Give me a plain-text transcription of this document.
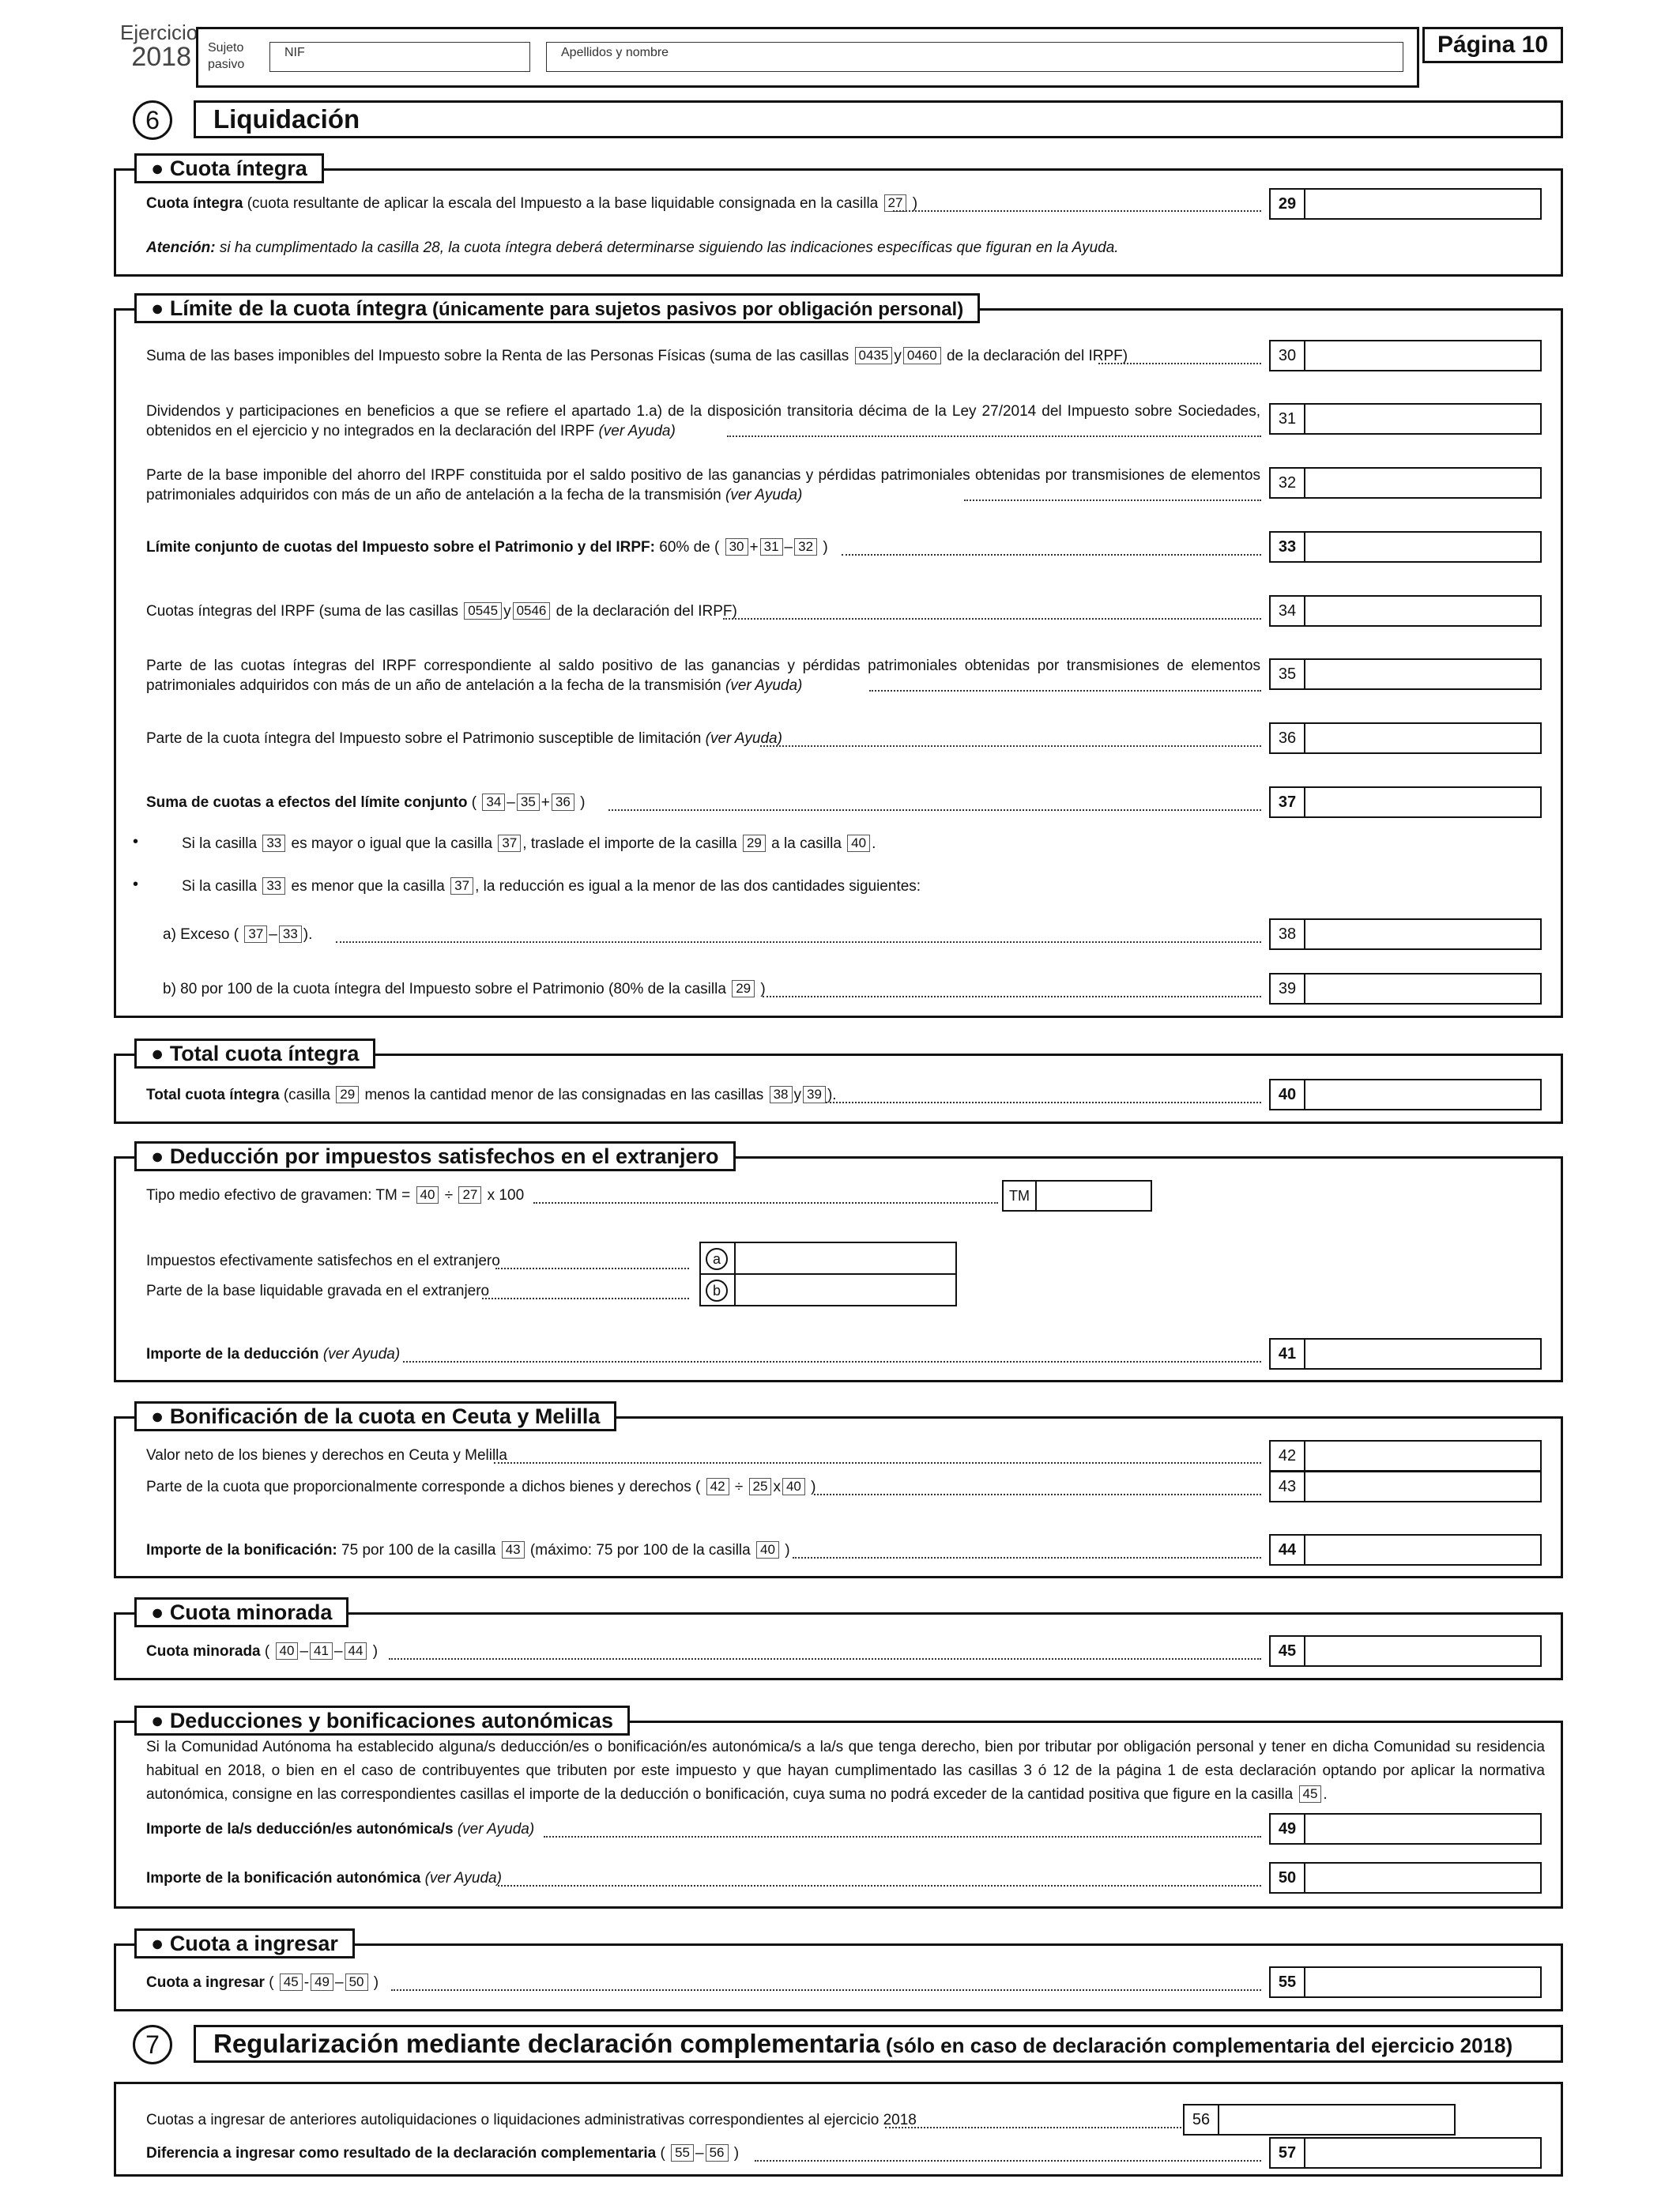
Ejercicio
2018 Sujeto
pasivo
NIF	Apellidos y nombre	Página 10
6	Liquidación
● Cuota íntegra
Cuota íntegra (cuota resultante de aplicar la escala del Impuesto a la base liquidable consignada en la casilla 27 )	29
Atención: si ha cumplimentado la casilla 28, la cuota íntegra deberá determinarse siguiendo las indicaciones específicas que figuran en la Ayuda.
● Límite de la cuota íntegra (únicamente para sujetos pasivos por obligación personal)
Suma de las bases imponibles del Impuesto sobre la Renta de las Personas Físicas (suma de las casillas 0435 y 0460 de la declaración del IRPF)	30
Dividendos y participaciones en beneficios a que se refiere el apartado 1.a) de la disposición transitoria décima de la Ley 27/2014 del Impuesto sobre Sociedades, obtenidos en el ejercicio y no integrados en la declaración del IRPF (ver Ayuda)
31
Parte de la base imponible del ahorro del IRPF constituida por el saldo positivo de las ganancias y pérdidas patrimoniales obtenidas por transmisiones de elementos patrimoniales adquiridos con más de un año de antelación a la fecha de la transmisión (ver Ayuda)
32
Límite conjunto de cuotas del Impuesto sobre el Patrimonio y del IRPF: 60% de ( 30 + 31 – 32 )	33
Cuotas íntegras del IRPF (suma de las casillas 0545 y 0546 de la declaración del IRPF)	34
Parte de las cuotas íntegras del IRPF correspondiente al saldo positivo de las ganancias y pérdidas patrimoniales obtenidas por transmisiones de elementos patrimoniales adquiridos con más de un año de antelación a la fecha de la transmisión (ver Ayuda)
35
Parte de la cuota íntegra del Impuesto sobre el Patrimonio susceptible de limitación (ver Ayuda)	36
Suma de cuotas a efectos del límite conjunto ( 34 – 35 + 36 )	37
•	Si la casilla 33 es mayor o igual que la casilla 37 , traslade el importe de la casilla 29 a la casilla 40 .
•	Si la casilla 33 es menor que la casilla 37 , la reducción es igual a la menor de las dos cantidades siguientes:
a) Exceso ( 37 – 33 ).	38
b) 80 por 100 de la cuota íntegra del Impuesto sobre el Patrimonio (80% de la casilla 29 )	39
● Total cuota íntegra
Total cuota íntegra (casilla 29 menos la cantidad menor de las consignadas en las casillas 38 y 39 ).	40
● Deducción por impuestos satisfechos en el extranjero
Tipo medio efectivo de gravamen: TM = 40 ÷ 27 x 100	TM
Impuestos efectivamente satisfechos en el extranjero	a
Parte de la base liquidable gravada en el extranjero	b
Importe de la deducción (ver Ayuda)	41
● Bonificación de la cuota en Ceuta y Melilla
Valor neto de los bienes y derechos en Ceuta y Melilla	42
Parte de la cuota que proporcionalmente corresponde a dichos bienes y derechos ( 42 ÷ 25 x 40 )	43
Importe de la bonificación: 75 por 100 de la casilla 43 (máximo: 75 por 100 de la casilla 40 )	44
● Cuota minorada
Cuota minorada ( 40 – 41 – 44 )	45
● Deducciones y bonificaciones autonómicas
Si la Comunidad Autónoma ha establecido alguna/s deducción/es o bonificación/es autonómica/s a la/s que tenga derecho, bien por tributar por obligación personal y tener en dicha Comunidad su residencia habitual en 2018, o bien en el caso de contribuyentes que tributen por este impuesto y que hayan cumplimentado las casillas 3 ó 12 de la página 1 de esta declaración optando por aplicar la normativa autonómica, consigne en las correspondientes casillas el importe de la deducción o bonificación, cuya suma no podrá exceder de la cantidad positiva que figure en la casilla 45 .
Importe de la/s deducción/es autonómica/s (ver Ayuda)	49
Importe de la bonificación autonómica (ver Ayuda)	50
● Cuota a ingresar
Cuota a ingresar ( 45 - 49 – 50 )	55
7	Regularización mediante declaración complementaria (sólo en caso de declaración complementaria del ejercicio 2018)
Cuotas a ingresar de anteriores autoliquidaciones o liquidaciones administrativas correspondientes al ejercicio 2018	56
Diferencia a ingresar como resultado de la declaración complementaria ( 55 – 56 )	57
